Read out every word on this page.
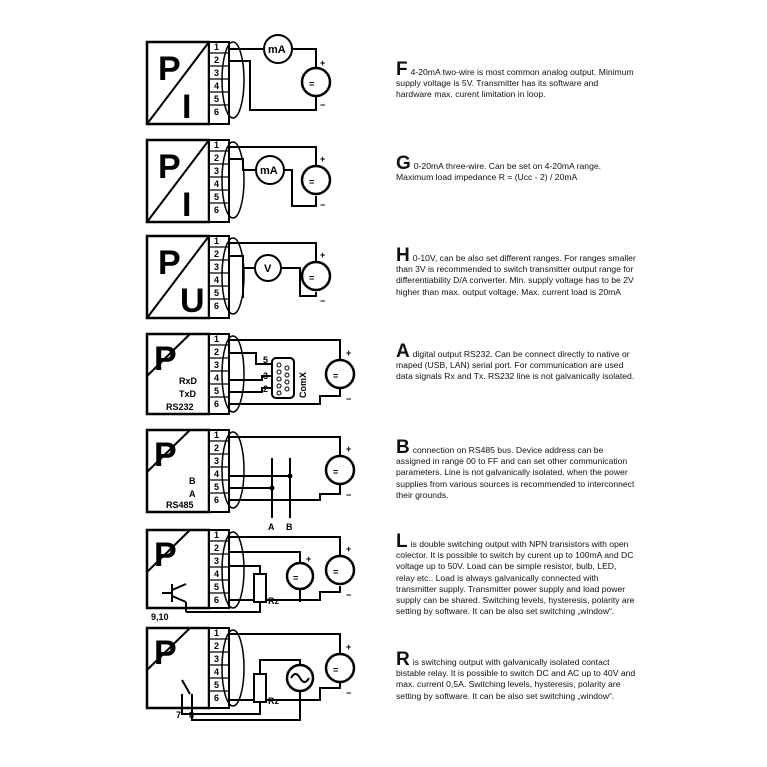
P
I
1
2
3
4
5
6
mA
=
+
−
P
I
1
2
3
4
5
6
mA
=
+
−
P
U
1
2
3
4
5
6
V
=
+
−
P
RxD
TxD
RS232
1
2
3
4
5
6
5
3
2	ComX	=
+
−
P
B
A
RS485
1
2
3
4
5
6
A B
=
+
−
P
9,10
1
2
3
4
5
6	Rz
=
+
=
+
−
P
7 8
1
2
3
4
5
6	Rz
=
+
−
F 4-20mA two-wire is most common analog output. Minimum supply voltage is 5V. Transmitter has its software and hardware max. curent limitation in loop.
G 0-20mA three-wire. Can be set on 4-20mA range. Maximum load impedance R = (Ucc - 2) / 20mA
H 0-10V, can be also set different ranges. For ranges smaller than 3V is recommended to switch transmitter output range for differentiability D/A converter. Min. supply voltage has to be 2V higher than max. output voltage. Max. current load is 20mA
Adigital output RS232. Can be connect directly to native or maped (USB, LAN) serial port. For communication are used data signals Rx and Tx. RS232 line is not galvanically isolated.
Bconnection on RS485 bus. Device address can be assigned in range 00 to FF and can set other communication parameters. Line is not galvanically isolated, when the power supplies from various sources is recommended to interconnect their grounds.
Lis double switching output with NPN transistors with open colector. It is possible to switch by curent up to 100mA and DC voltage up to 50V. Load can be simple resistor, bulb, LED, relay etc.. Load is always galvanically connected with transmitter supply. Transmitter power supply and load power supply can be shared. Switching levels, hysteresis, polarity are setting by software. It can be also set switching „window“.
Ris switching output with galvanically isolated contact bistable relay. It is possible to switch DC and AC up to 40V and max. current 0,5A. Switching levels, hysteresis, polarity are setting by software. It can be also set switching „window“.
